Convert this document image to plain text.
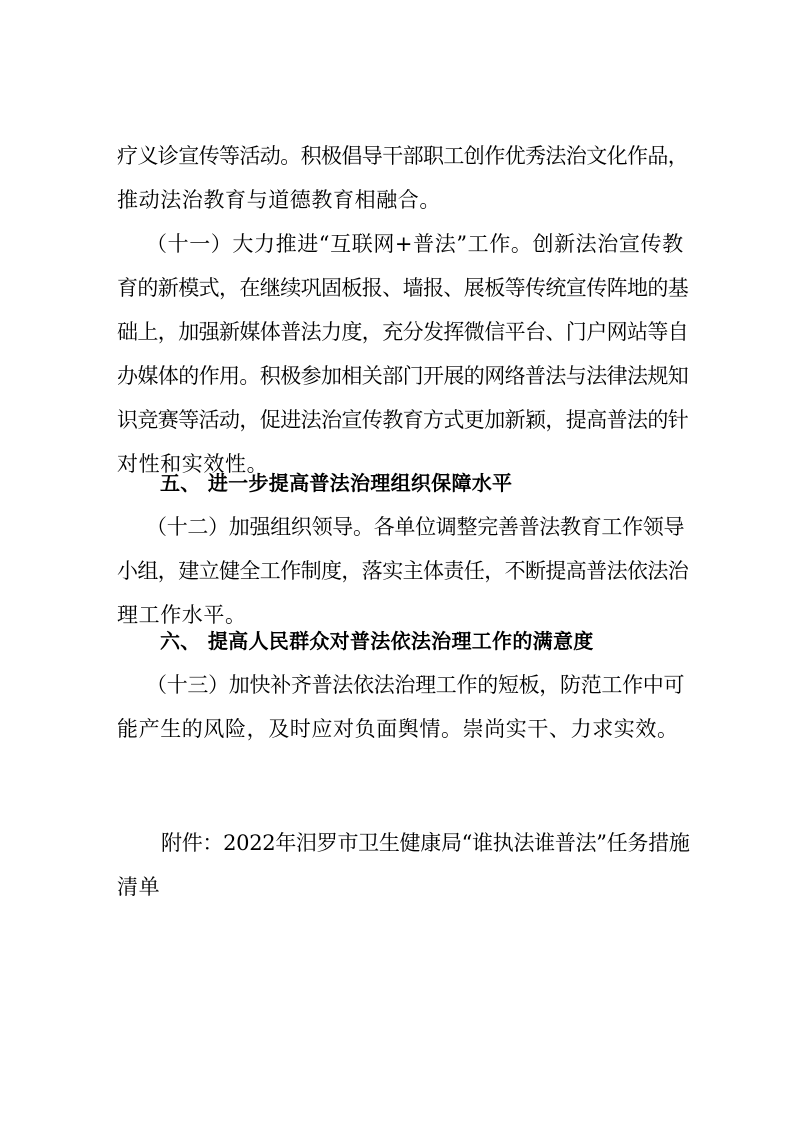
疗义诊宣传等活动。积极倡导干部职工创作优秀法治文化作品，
推动法治教育与道德教育相融合。
（十一）大力推进“互联网+普法”工作。创新法治宣传教
育的新模式，在继续巩固板报、墙报、展板等传统宣传阵地的基
础上，加强新媒体普法力度，充分发挥微信平台、门户网站等自
办媒体的作用。积极参加相关部门开展的网络普法与法律法规知
识竞赛等活动，促进法治宣传教育方式更加新颖，提高普法的针
对性和实效性。
五、 进一步提高普法治理组织保障水平
（十二）加强组织领导。各单位调整完善普法教育工作领导
小组，建立健全工作制度，落实主体责任，不断提高普法依法治
理工作水平。
六、 提高人民群众对普法依法治理工作的满意度
（十三）加快补齐普法依法治理工作的短板，防范工作中可
能产生的风险，及时应对负面舆情。崇尚实干、力求实效。
附件：2022年汨罗市卫生健康局“谁执法谁普法”任务措施
清单
